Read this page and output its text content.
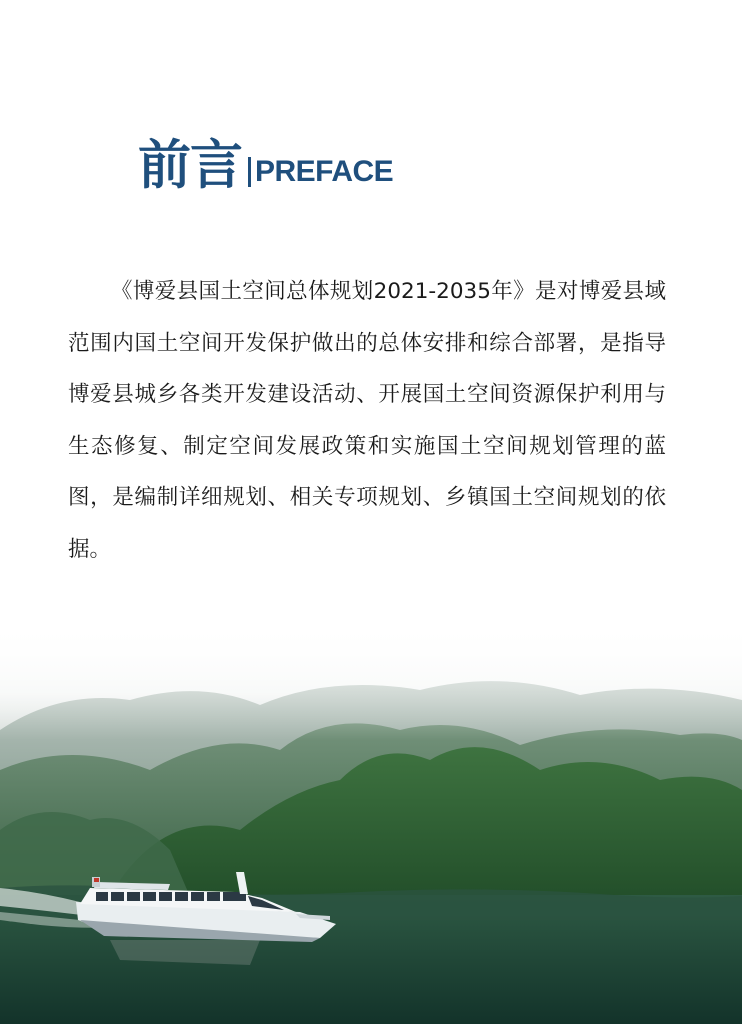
前言 PREFACE

《博爱县国土空间总体规划2021-2035年》是对博爱县域范围内国土空间开发保护做出的总体安排和综合部署，是指导博爱县城乡各类开发建设活动、开展国土空间资源保护利用与生态修复、制定空间发展政策和实施国土空间规划管理的蓝图，是编制详细规划、相关专项规划、乡镇国土空间规划的依据。
